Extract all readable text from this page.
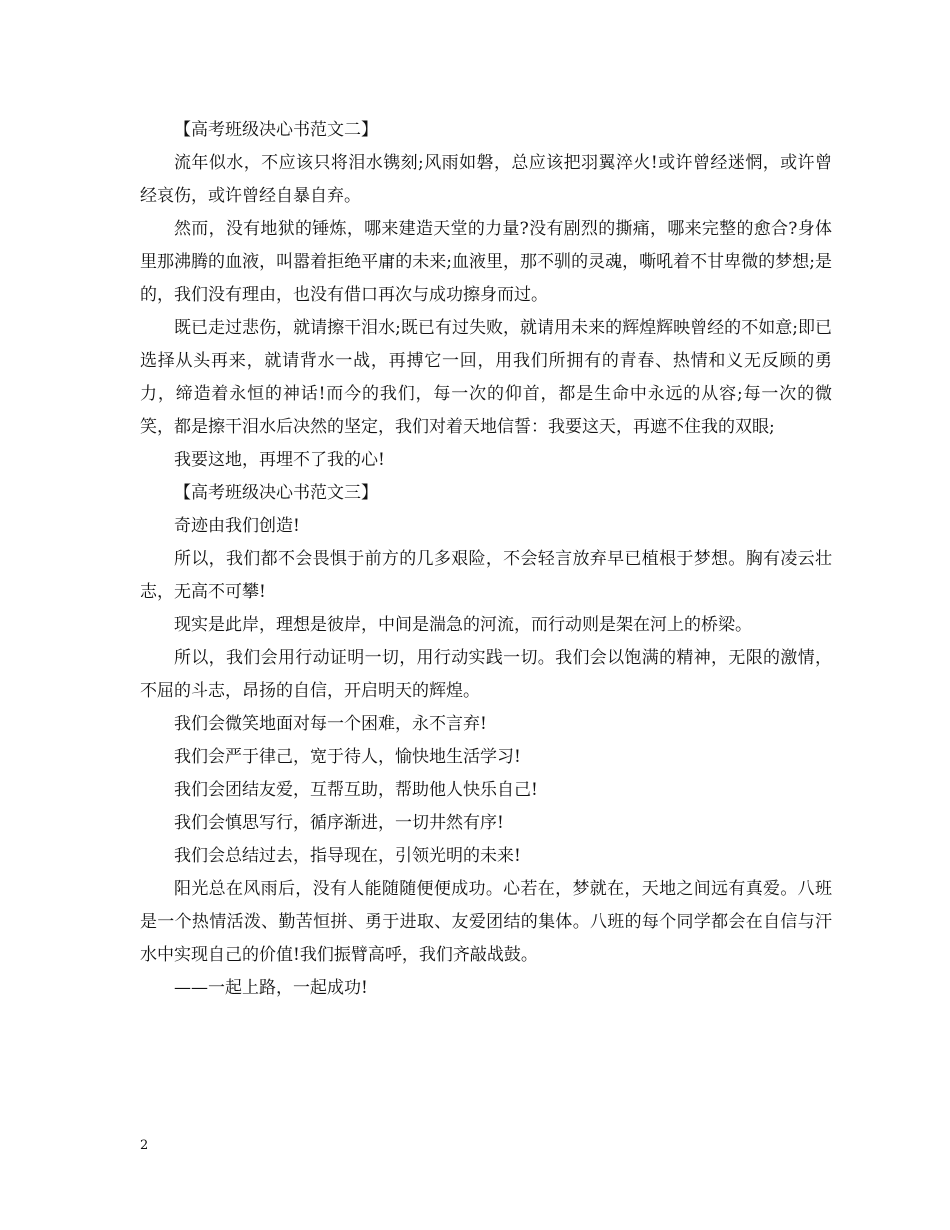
【高考班级决心书范文二】

流年似水，不应该只将泪水镌刻;风雨如磐，总应该把羽翼淬火!或许曾经迷惘，或许曾经哀伤，或许曾经自暴自弃。

然而，没有地狱的锤炼，哪来建造天堂的力量?没有剧烈的撕痛，哪来完整的愈合?身体里那沸腾的血液，叫嚣着拒绝平庸的未来;血液里，那不驯的灵魂，嘶吼着不甘卑微的梦想;是的，我们没有理由，也没有借口再次与成功擦身而过。

既已走过悲伤，就请擦干泪水;既已有过失败，就请用未来的辉煌辉映曾经的不如意;即已选择从头再来，就请背水一战，再搏它一回，用我们所拥有的青春、热情和义无反顾的勇力，缔造着永恒的神话!而今的我们，每一次的仰首，都是生命中永远的从容;每一次的微笑，都是擦干泪水后决然的坚定，我们对着天地信誓：我要这天，再遮不住我的双眼;

我要这地，再埋不了我的心!

【高考班级决心书范文三】

奇迹由我们创造!

所以，我们都不会畏惧于前方的几多艰险，不会轻言放弃早已植根于梦想。胸有凌云壮志，无高不可攀!

现实是此岸，理想是彼岸，中间是湍急的河流，而行动则是架在河上的桥梁。

所以，我们会用行动证明一切，用行动实践一切。我们会以饱满的精神，无限的激情，不屈的斗志，昂扬的自信，开启明天的辉煌。

我们会微笑地面对每一个困难，永不言弃!

我们会严于律己，宽于待人，愉快地生活学习!

我们会团结友爱，互帮互助，帮助他人快乐自己!

我们会慎思写行，循序渐进，一切井然有序!

我们会总结过去，指导现在，引领光明的未来!

阳光总在风雨后，没有人能随随便便成功。心若在，梦就在，天地之间远有真爱。八班是一个热情活泼、勤苦恒拼、勇于进取、友爱团结的集体。八班的每个同学都会在自信与汗水中实现自己的价值!我们振臂高呼，我们齐敲战鼓。

——一起上路，一起成功!

2
